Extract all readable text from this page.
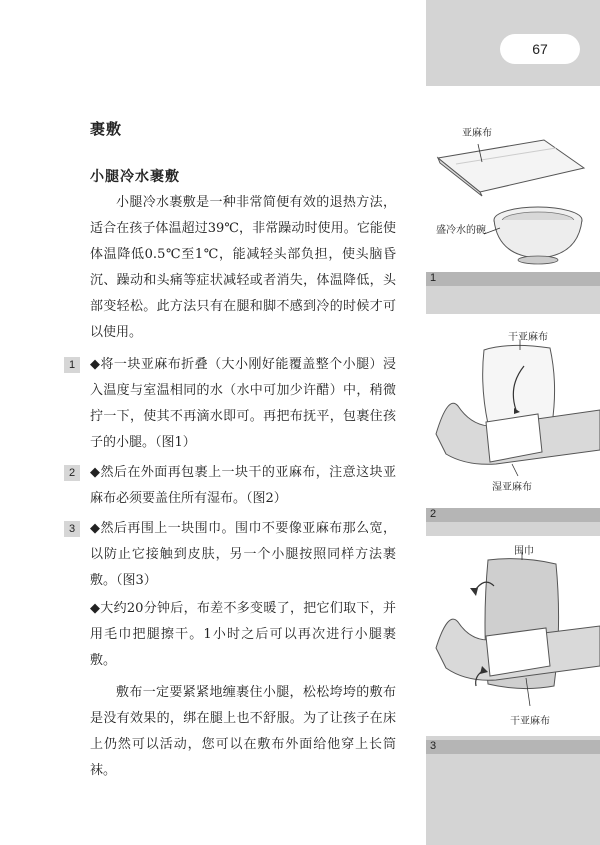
67
亚麻布
盛冷水的碗
1
干亚麻布
湿亚麻布
2
围巾
干亚麻布
3
裹敷
小腿冷水裹敷

小腿冷水裹敷是一种非常简便有效的退热方法，适合在孩子体温超过39℃，非常躁动时使用。它能使体温降低0.5℃至1℃，能减轻头部负担，使头脑昏沉、躁动和头痛等症状减轻或者消失，体温降低，头部变轻松。此方法只有在腿和脚不感到冷的时候才可以使用。

1	◆将一块亚麻布折叠（大小刚好能覆盖整个小腿）浸入温度与室温相同的水（水中可加少许醋）中，稍微拧一下，使其不再滴水即可。再把布抚平，包裹住孩子的小腿。（图1）
2	◆然后在外面再包裹上一块干的亚麻布，注意这块亚麻布必须要盖住所有湿布。（图2）
3	◆然后再围上一块围巾。围巾不要像亚麻布那么宽，以防止它接触到皮肤，另一个小腿按照同样方法裹敷。（图3）

◆大约20分钟后，布差不多变暖了，把它们取下，并用毛巾把腿擦干。1小时之后可以再次进行小腿裹敷。

敷布一定要紧紧地缠裹住小腿，松松垮垮的敷布是没有效果的，绑在腿上也不舒服。为了让孩子在床上仍然可以活动，您可以在敷布外面给他穿上长筒袜。
